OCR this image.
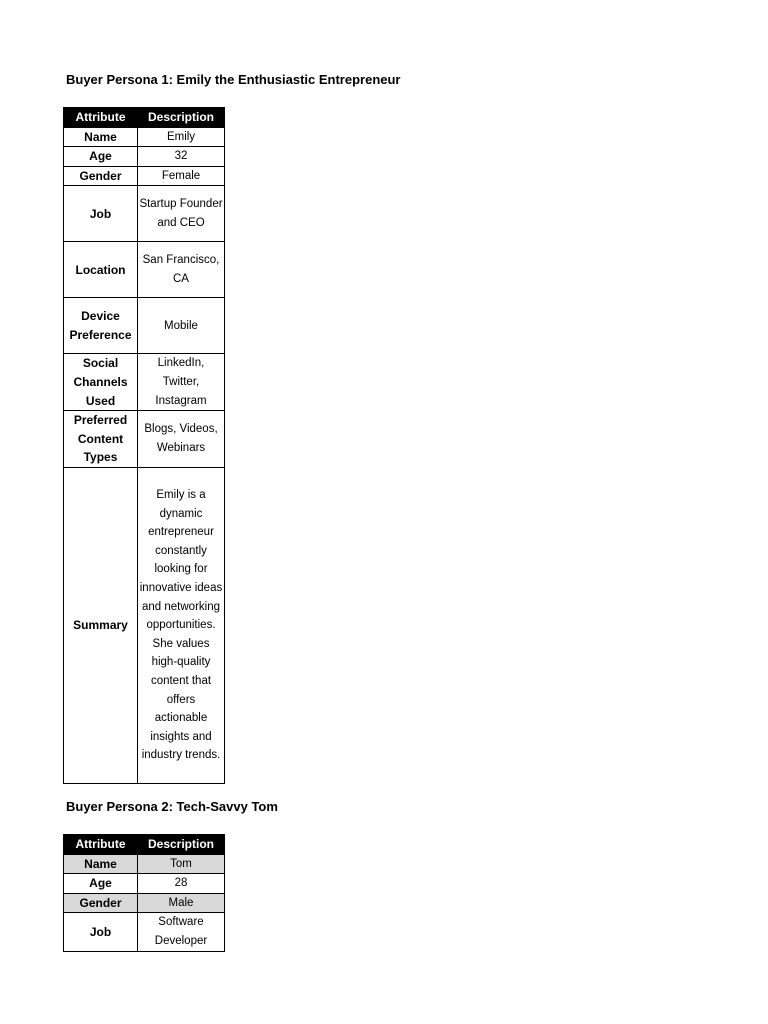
Buyer Persona 1: Emily the Enthusiastic Entrepreneur
Attribute	Description
Name	Emily
Age	32
Gender	Female
Job	Startup Founder and CEO
Location	San Francisco, CA
Device Preference	Mobile
Social Channels Used	LinkedIn, Twitter, Instagram
Preferred Content Types	Blogs, Videos, Webinars
Summary	Emily is a dynamic entrepreneur constantly looking for innovative ideas and networking opportunities. She values high-quality content that offers actionable insights and industry trends.
Buyer Persona 2: Tech-Savvy Tom
Attribute	Description
Name	Tom
Age	28
Gender	Male
Job	Software Developer
